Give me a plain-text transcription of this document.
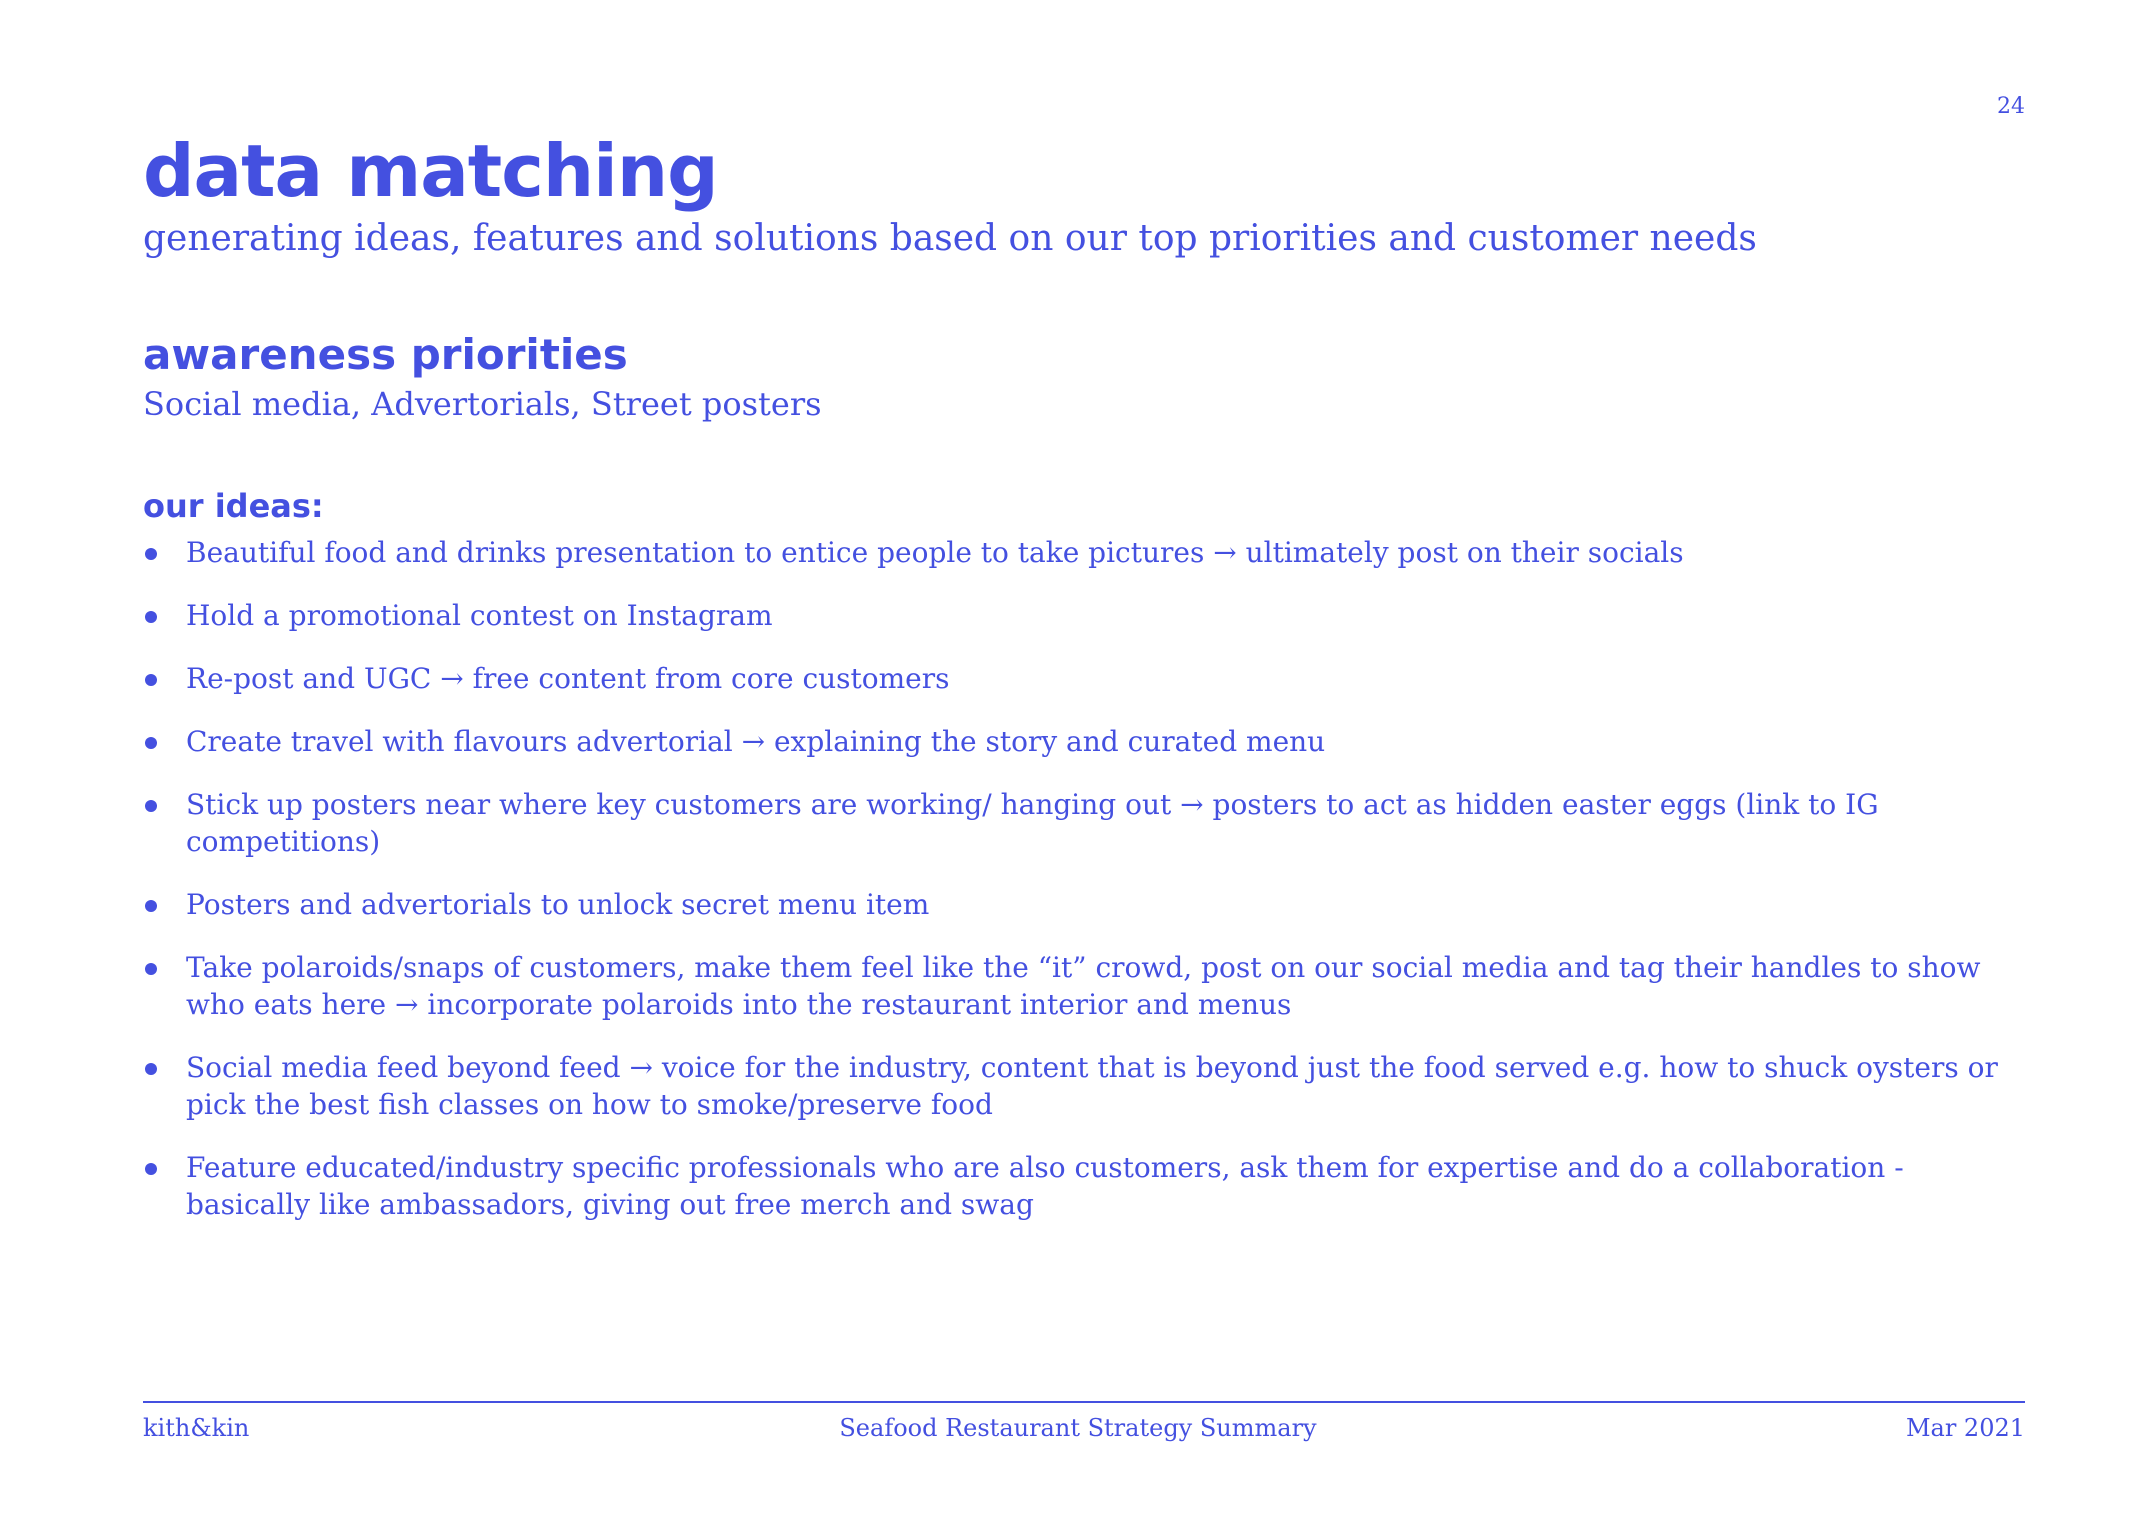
24
data matching
generating ideas, features and solutions based on our top priorities and customer needs
awareness priorities
Social media, Advertorials, Street posters
our ideas:
Beautiful food and drinks presentation to entice people to take pictures → ultimately post on their socials
Hold a promotional contest on Instagram
Re-post and UGC → free content from core customers
Create travel with flavours advertorial → explaining the story and curated menu
Stick up posters near where key customers are working/ hanging out → posters to act as hidden easter eggs (link to IG competitions)
Posters and advertorials to unlock secret menu item
Take polaroids/snaps of customers, make them feel like the “it” crowd, post on our social media and tag their handles to show who eats here → incorporate polaroids into the restaurant interior and menus
Social media feed beyond feed → voice for the industry, content that is beyond just the food served e.g. how to shuck oysters or pick the best fish classes on how to smoke/preserve food
Feature educated/industry specific professionals who are also customers, ask them for expertise and do a collaboration - basically like ambassadors, giving out free merch and swag
kith&kin	Seafood Restaurant Strategy Summary	Mar 2021
